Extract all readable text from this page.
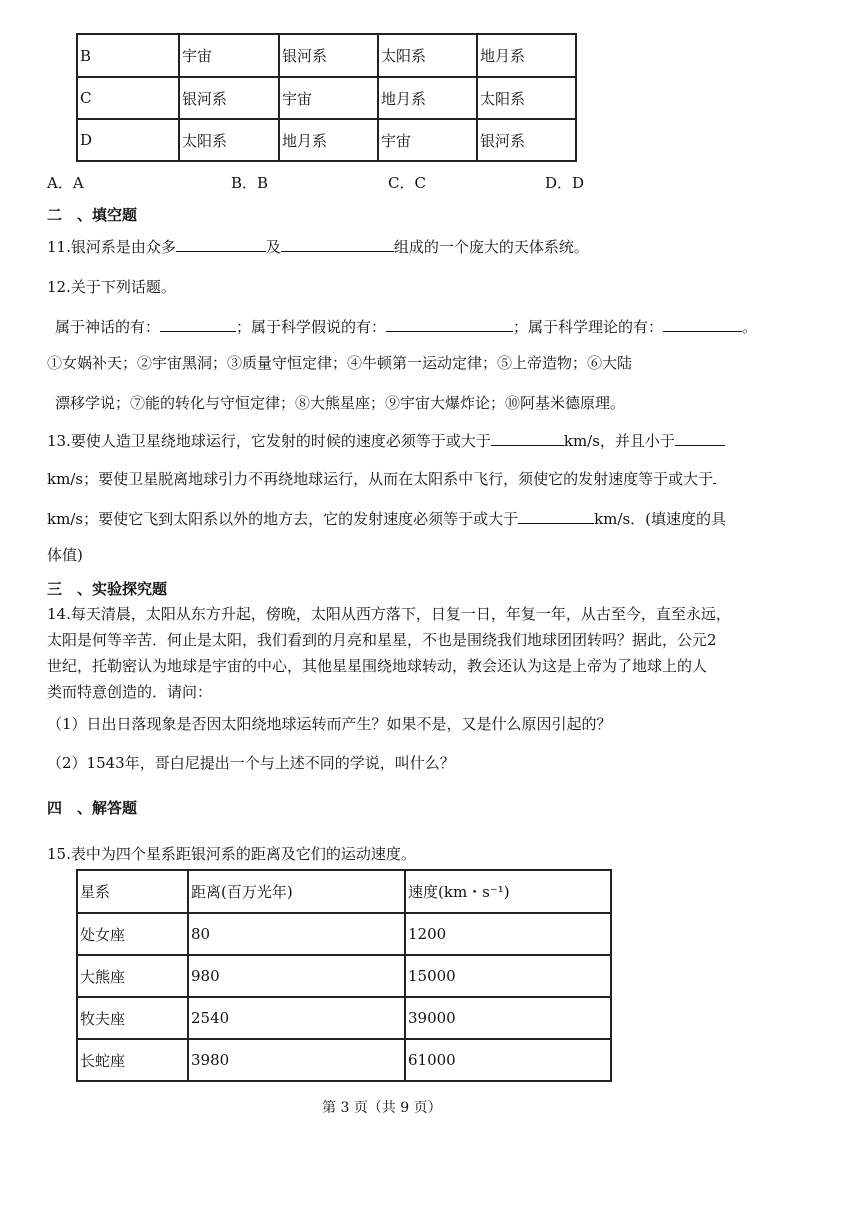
B	宇宙	银河系	太阳系	地月系
C	银河系	宇宙	地月系	太阳系
D	太阳系	地月系	宇宙	银河系
A．A	B．B	C．C	D．D
二　、填空题
11.银河系是由众多	及	组成的一个庞大的天体系统。
12.关于下列话题。
属于神话的有：	；属于科学假说的有：	；属于科学理论的有：	。
①女娲补天；②宇宙黑洞；③质量守恒定律；④牛顿第一运动定律；⑤上帝造物；⑥大陆
漂移学说；⑦能的转化与守恒定律；⑧大熊星座；⑨宇宙大爆炸论；⑩阿基米德原理。
13.要使人造卫星绕地球运行，它发射的时候的速度必须等于或大于	km/s，并且小于
km/s；要使卫星脱离地球引力不再绕地球运行，从而在太阳系中飞行，须使它的发射速度等于或大于
km/s；要使它飞到太阳系以外的地方去，它的发射速度必须等于或大于	km/s．(填速度的具
体值)
三　、实验探究题
14.每天清晨，太阳从东方升起，傍晚，太阳从西方落下，日复一日，年复一年，从古至今，直至永远，
太阳是何等辛苦．何止是太阳，我们看到的月亮和星星，不也是围绕我们地球团团转吗？据此，公元2
世纪，托勒密认为地球是宇宙的中心，其他星星围绕地球转动，教会还认为这是上帝为了地球上的人
类而特意创造的．请问：
（1）日出日落现象是否因太阳绕地球运转而产生？如果不是，又是什么原因引起的？
（2）1543年，哥白尼提出一个与上述不同的学说，叫什么？
四　、解答题
15.表中为四个星系距银河系的距离及它们的运动速度。
星系	距离(百万光年)	速度(km・s⁻¹)
处女座	80	1200
大熊座	980	15000
牧夫座	2540	39000
长蛇座	3980	61000
第 3 页（共 9 页）
